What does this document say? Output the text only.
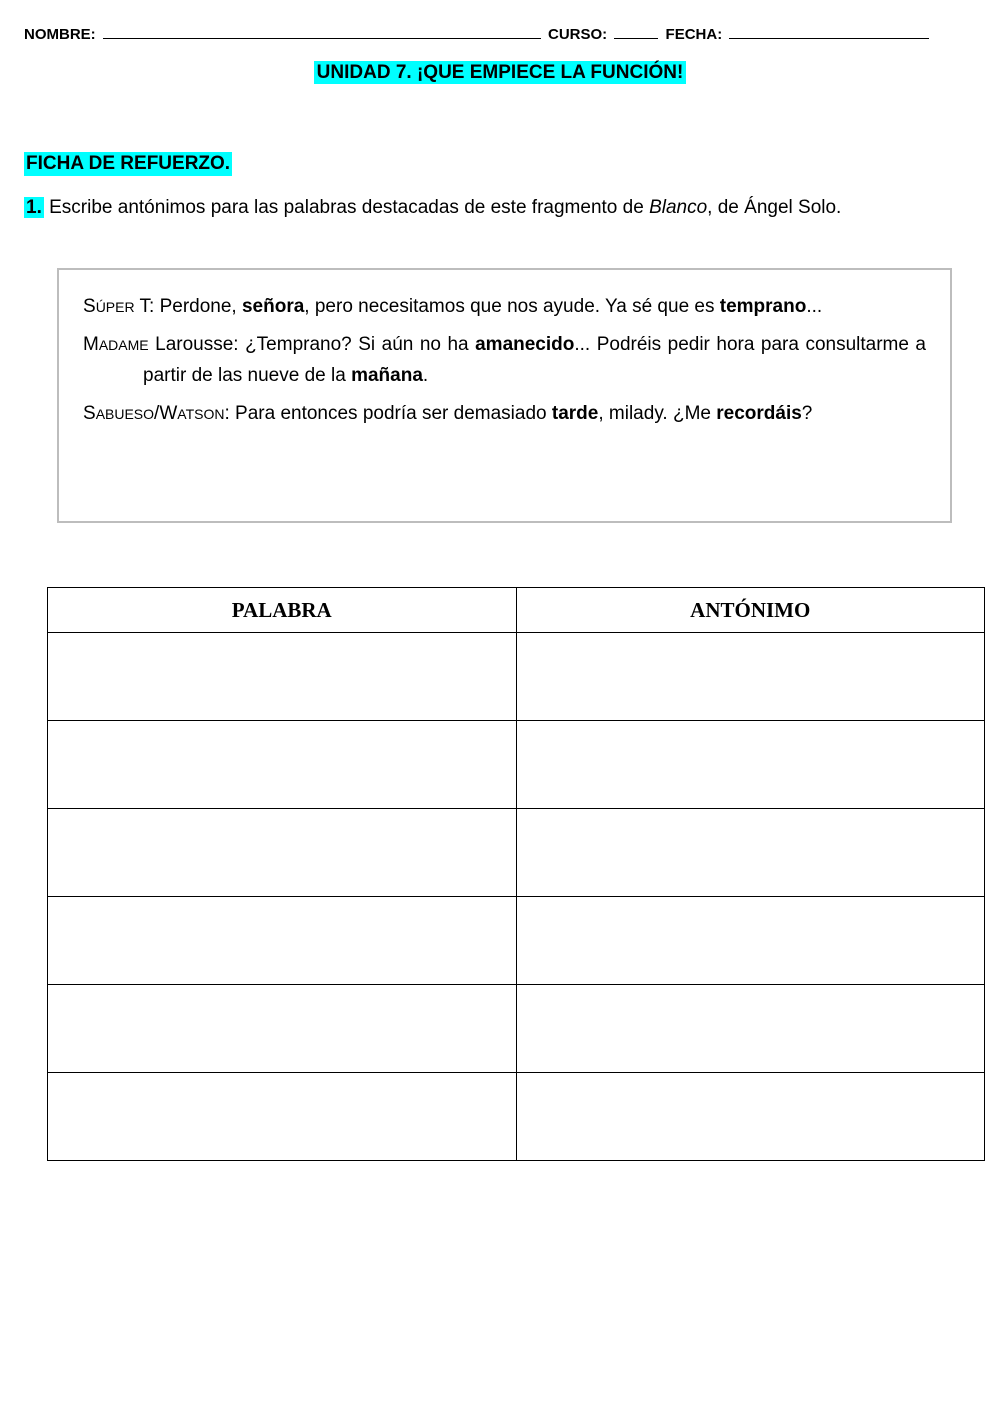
NOMBRE:	CURSO:	FECHA:
UNIDAD 7. ¡QUE EMPIECE LA FUNCIÓN!
FICHA DE REFUERZO.
1. Escribe antónimos para las palabras destacadas de este fragmento de Blanco, de Ángel Solo.

SÚPER T: Perdone, señora, pero necesitamos que nos ayude. Ya sé que es temprano...

MADAME Larousse: ¿Temprano? Si aún no ha amanecido... Podréis pedir hora para consultarme a partir de las nueve de la mañana.

SABUESO/WATSON: Para entonces podría ser demasiado tarde, milady. ¿Me recordáis?

PALABRA	ANTÓNIMO
